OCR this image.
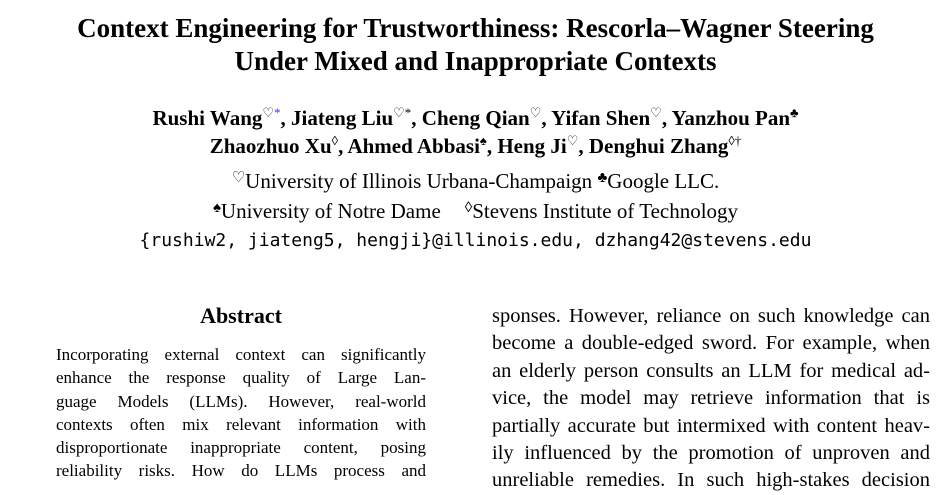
Context Engineering for Trustworthiness: Rescorla–Wagner Steering
Under Mixed and Inappropriate Contexts
Rushi Wang♡*, Jiateng Liu♡*, Cheng Qian♡, Yifan Shen♡, Yanzhou Pan♣
Zhaozhuo Xu◊, Ahmed Abbasi♠, Heng Ji♡, Denghui Zhang◊†
♡University of Illinois Urbana-Champaign ♣Google LLC.
♠University of Notre Dame ◊Stevens Institute of Technology
{rushiw2, jiateng5, hengji}@illinois.edu, dzhang42@stevens.edu
Abstract
Incorporating external context can significantly
enhance the response quality of Large Lan-
guage Models (LLMs). However, real-world
contexts often mix relevant information with
disproportionate inappropriate content, posing
reliability risks. How do LLMs process and
sponses. However, reliance on such knowledge can
become a double-edged sword. For example, when
an elderly person consults an LLM for medical ad-
vice, the model may retrieve information that is
partially accurate but intermixed with content heav-
ily influenced by the promotion of unproven and
unreliable remedies. In such high-stakes decision
